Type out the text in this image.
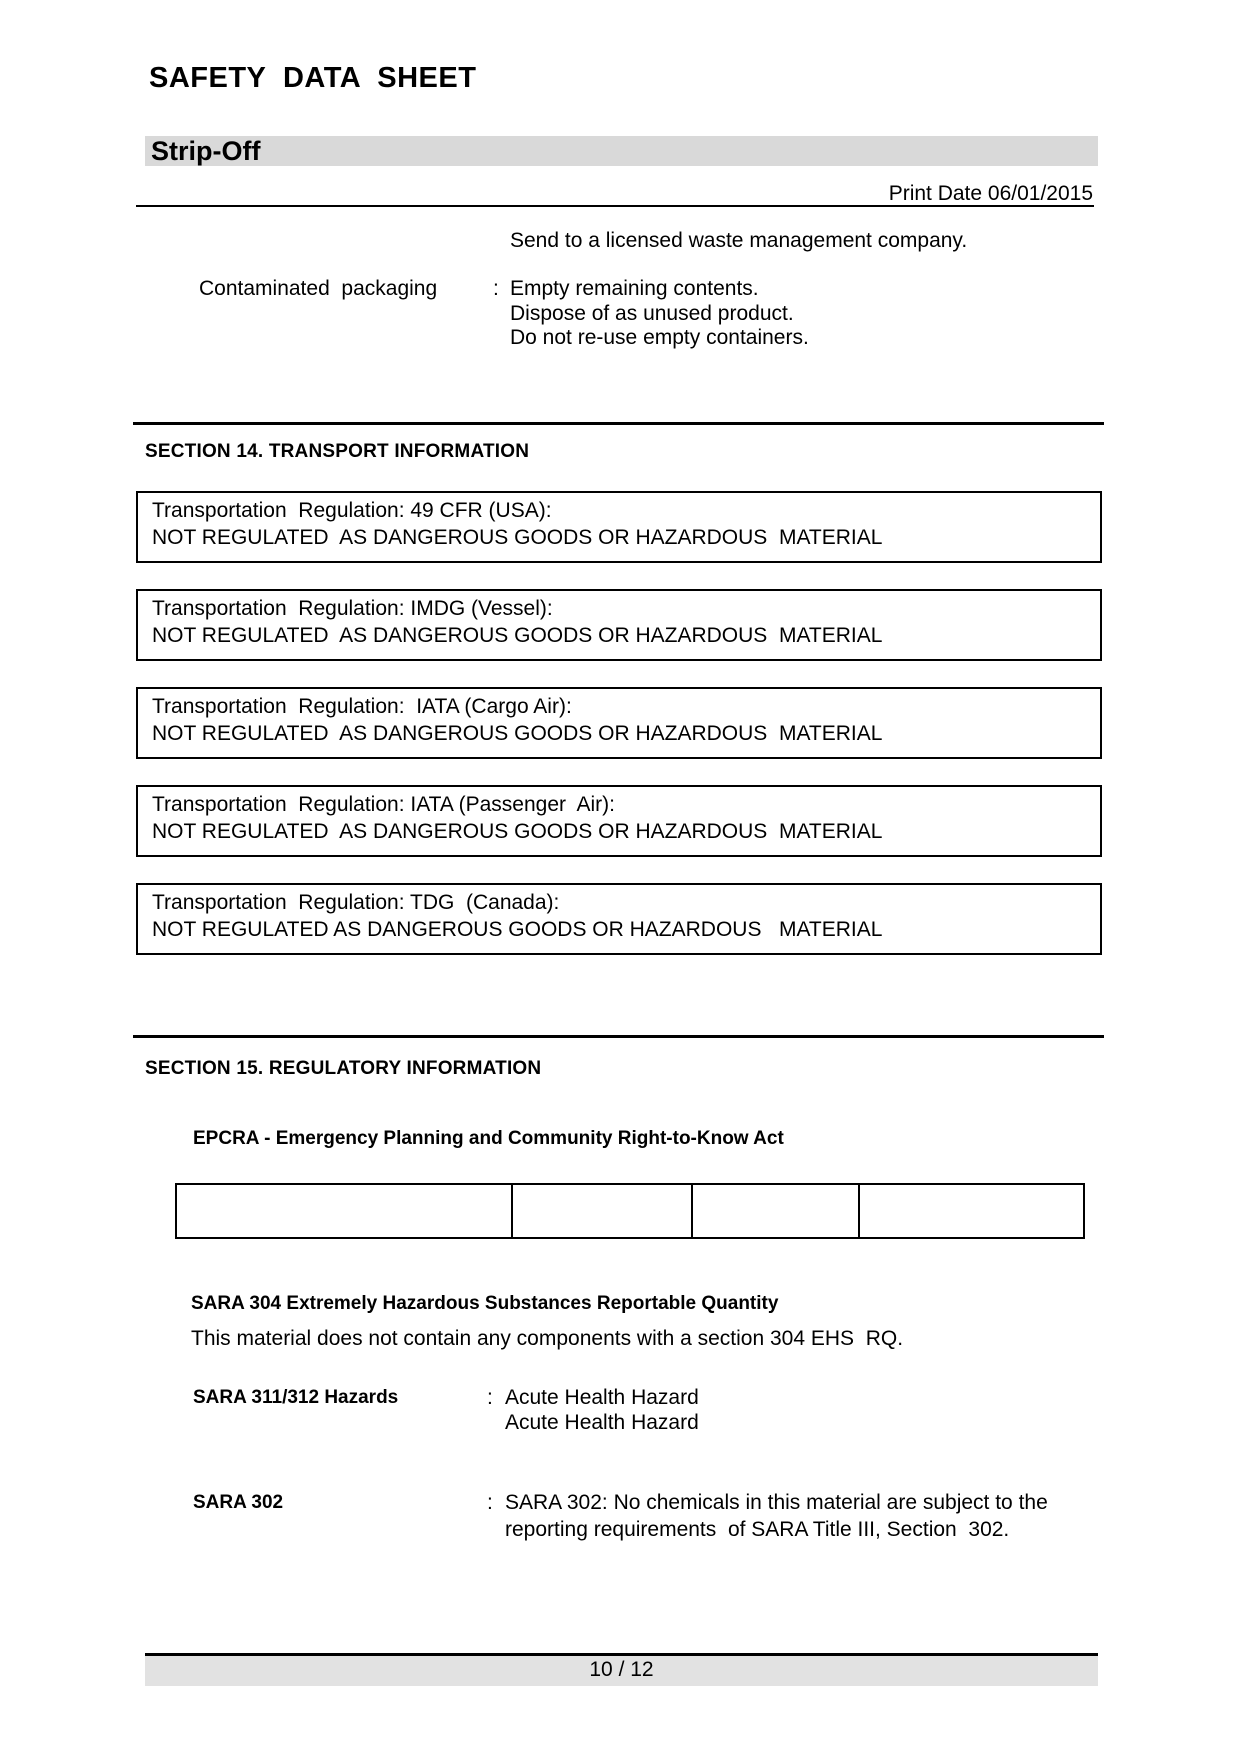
SAFETY  DATA  SHEET
Strip-Off
Print Date 06/01/2015
Send to a licensed waste management company.
Contaminated  packaging	: Empty remaining contents.
Dispose of as unused product.
Do not re-use empty containers.
SECTION 14. TRANSPORT INFORMATION
Transportation  Regulation: 49 CFR (USA):
NOT REGULATED  AS DANGEROUS GOODS OR HAZARDOUS  MATERIAL
Transportation  Regulation: IMDG (Vessel):
NOT REGULATED  AS DANGEROUS GOODS OR HAZARDOUS  MATERIAL
Transportation  Regulation:  IATA (Cargo Air):
NOT REGULATED  AS DANGEROUS GOODS OR HAZARDOUS  MATERIAL
Transportation  Regulation: IATA (Passenger  Air):
NOT REGULATED  AS DANGEROUS GOODS OR HAZARDOUS  MATERIAL
Transportation  Regulation: TDG  (Canada):
NOT REGULATED AS DANGEROUS GOODS OR HAZARDOUS   MATERIAL
SECTION 15. REGULATORY INFORMATION
EPCRA - Emergency Planning and Community Right-to-Know Act
SARA 304 Extremely Hazardous Substances Reportable Quantity
This material does not contain any components with a section 304 EHS  RQ.
SARA 311/312 Hazards	: Acute Health Hazard
Acute Health Hazard
SARA 302	: SARA 302: No chemicals in this material are subject to the
reporting requirements  of SARA Title III, Section  302.
10 / 12
